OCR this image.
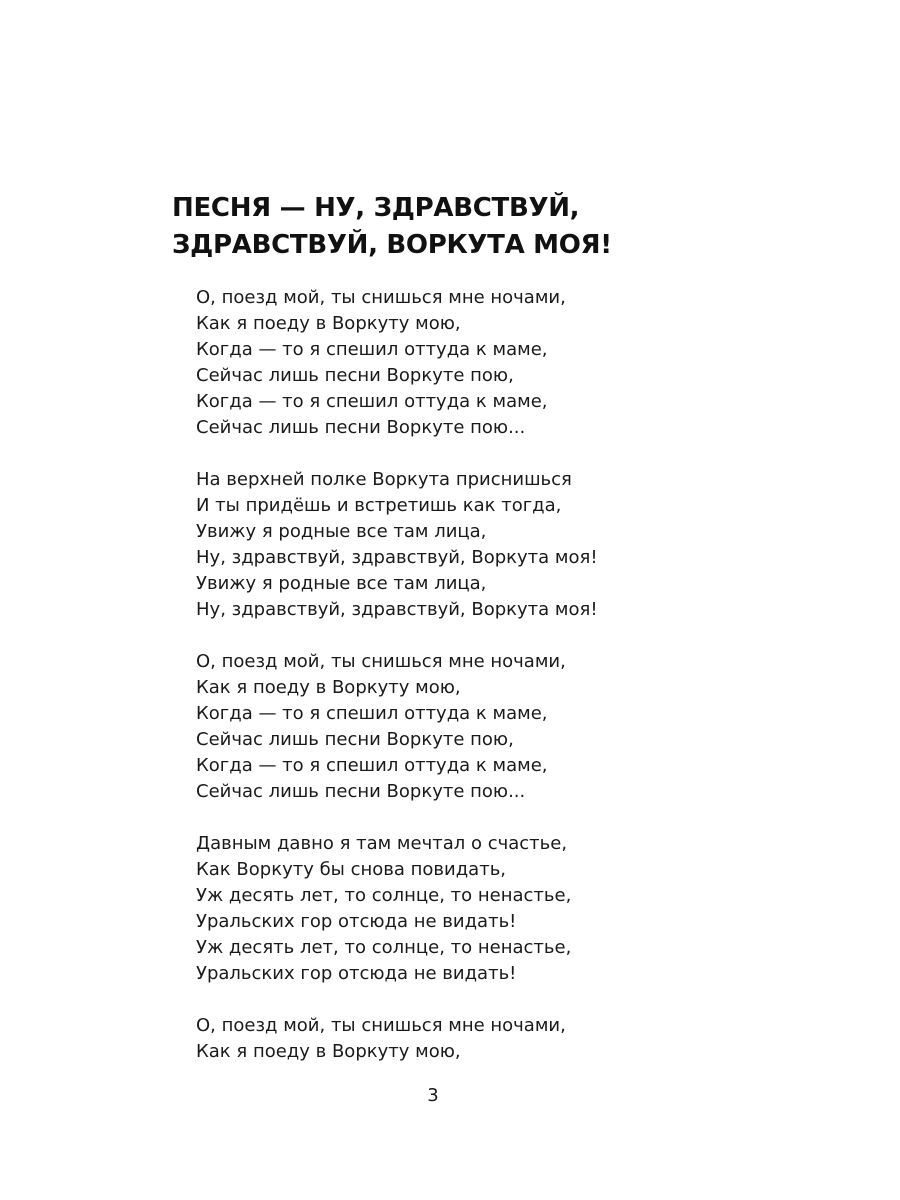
ПЕСНЯ — НУ, ЗДРАВСТВУЙ,
ЗДРАВСТВУЙ, ВОРКУТА МОЯ!
О, поезд мой, ты снишься мне ночами,
Как я поеду в Воркуту мою,
Когда — то я спешил оттуда к маме,
Сейчас лишь песни Воркуте пою,
Когда — то я спешил оттуда к маме,
Сейчас лишь песни Воркуте пою...
На верхней полке Воркута приснишься
И ты придёшь и встретишь как тогда,
Увижу я родные все там лица,
Ну, здравствуй, здравствуй, Воркута моя!
Увижу я родные все там лица,
Ну, здравствуй, здравствуй, Воркута моя!
О, поезд мой, ты снишься мне ночами,
Как я поеду в Воркуту мою,
Когда — то я спешил оттуда к маме,
Сейчас лишь песни Воркуте пою,
Когда — то я спешил оттуда к маме,
Сейчас лишь песни Воркуте пою...
Давным давно я там мечтал о счастье,
Как Воркуту бы снова повидать,
Уж десять лет, то солнце, то ненастье,
Уральских гор отсюда не видать!
Уж десять лет, то солнце, то ненастье,
Уральских гор отсюда не видать!
О, поезд мой, ты снишься мне ночами,
Как я поеду в Воркуту мою,
3
